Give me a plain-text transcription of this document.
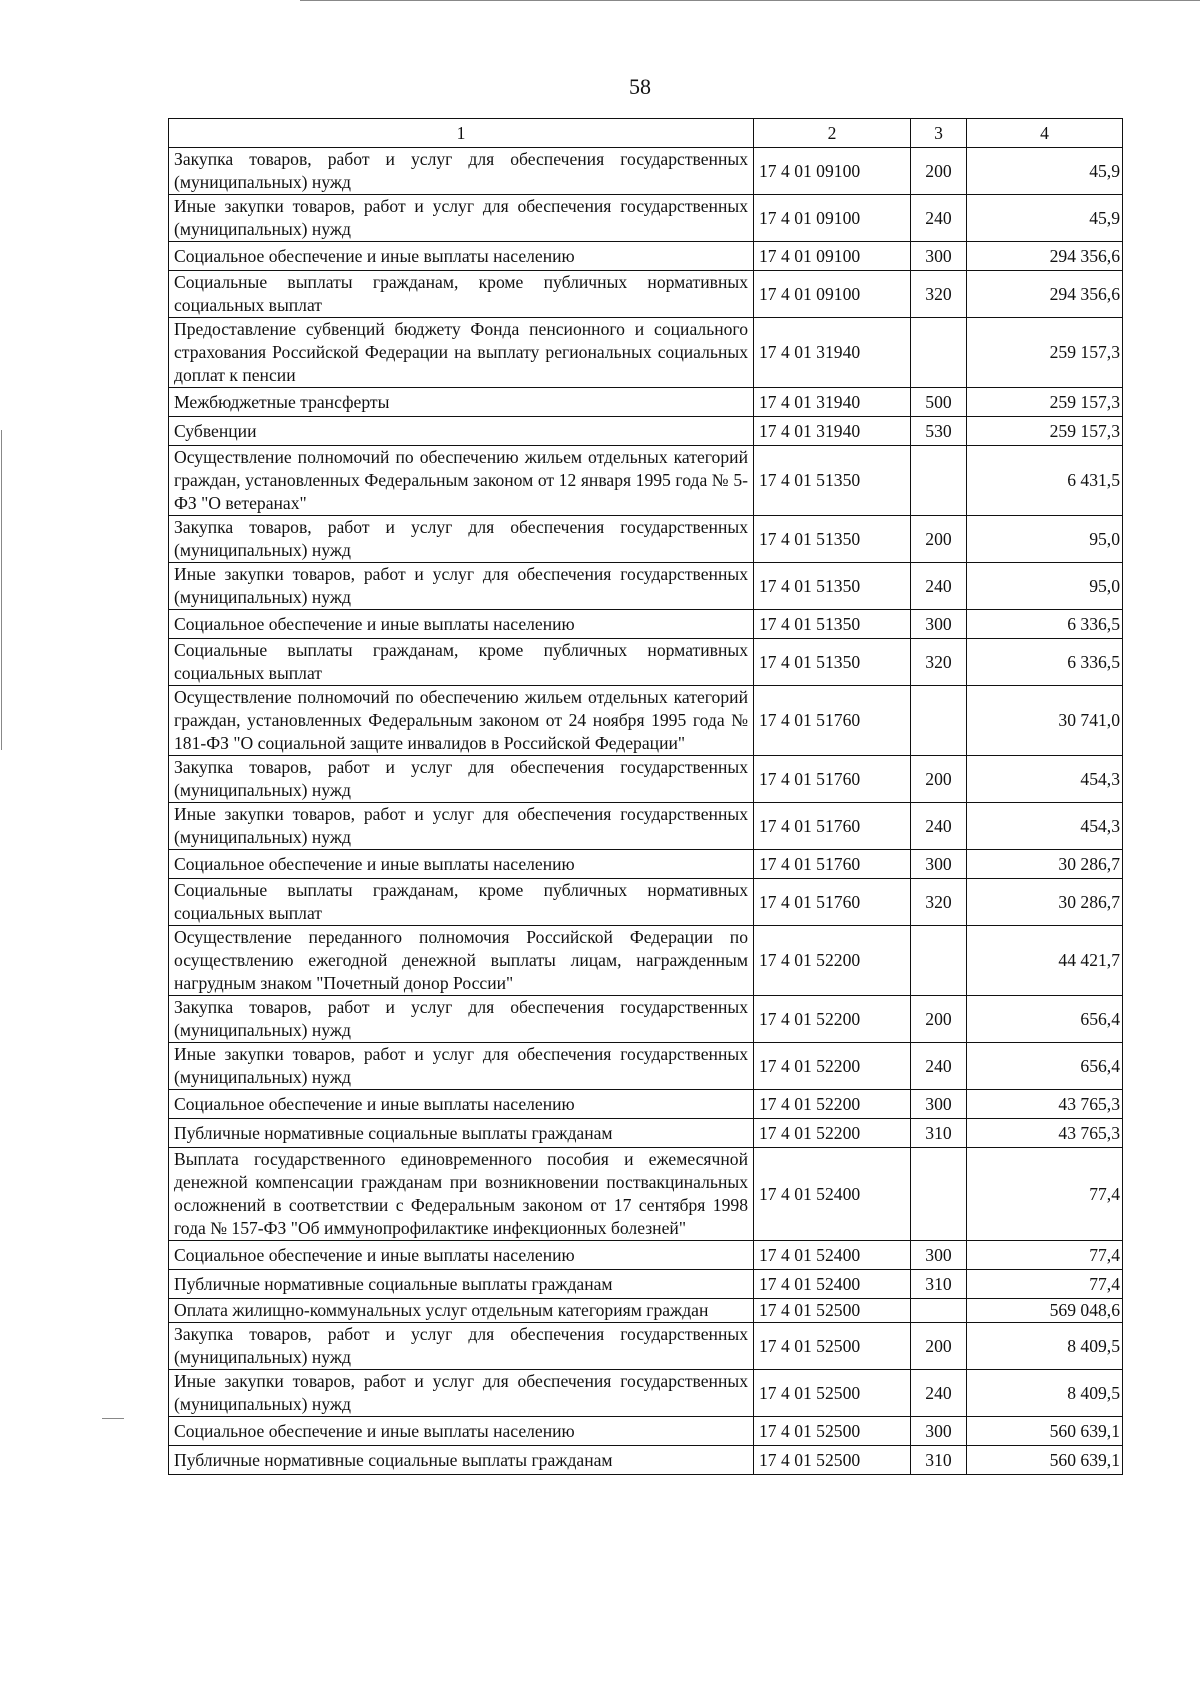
58
1	2	3	4
Закупка товаров, работ и услуг для обеспечения государственных (муниципальных) нужд	17 4 01 09100	200	45,9
Иные закупки товаров, работ и услуг для обеспечения государственных (муниципальных) нужд	17 4 01 09100	240	45,9
Социальное обеспечение и иные выплаты населению	17 4 01 09100	300	294 356,6
Социальные выплаты гражданам, кроме публичных нормативных социальных выплат	17 4 01 09100	320	294 356,6
Предоставление субвенций бюджету Фонда пенсионного и социального страхования Российской Федерации на выплату региональных социальных доплат к пенсии	17 4 01 31940		259 157,3
Межбюджетные трансферты	17 4 01 31940	500	259 157,3
Субвенции	17 4 01 31940	530	259 157,3
Осуществление полномочий по обеспечению жильем отдельных категорий граждан, установленных Федеральным законом от 12 января 1995 года № 5-ФЗ "О ветеранах"	17 4 01 51350		6 431,5
Закупка товаров, работ и услуг для обеспечения государственных (муниципальных) нужд	17 4 01 51350	200	95,0
Иные закупки товаров, работ и услуг для обеспечения государственных (муниципальных) нужд	17 4 01 51350	240	95,0
Социальное обеспечение и иные выплаты населению	17 4 01 51350	300	6 336,5
Социальные выплаты гражданам, кроме публичных нормативных социальных выплат	17 4 01 51350	320	6 336,5
Осуществление полномочий по обеспечению жильем отдельных категорий граждан, установленных Федеральным законом от 24 ноября 1995 года № 181-ФЗ "О социальной защите инвалидов в Российской Федерации"	17 4 01 51760		30 741,0
Закупка товаров, работ и услуг для обеспечения государственных (муниципальных) нужд	17 4 01 51760	200	454,3
Иные закупки товаров, работ и услуг для обеспечения государственных (муниципальных) нужд	17 4 01 51760	240	454,3
Социальное обеспечение и иные выплаты населению	17 4 01 51760	300	30 286,7
Социальные выплаты гражданам, кроме публичных нормативных социальных выплат	17 4 01 51760	320	30 286,7
Осуществление переданного полномочия Российской Федерации по осуществлению ежегодной денежной выплаты лицам, награжденным нагрудным знаком "Почетный донор России"	17 4 01 52200		44 421,7
Закупка товаров, работ и услуг для обеспечения государственных (муниципальных) нужд	17 4 01 52200	200	656,4
Иные закупки товаров, работ и услуг для обеспечения государственных (муниципальных) нужд	17 4 01 52200	240	656,4
Социальное обеспечение и иные выплаты населению	17 4 01 52200	300	43 765,3
Публичные нормативные социальные выплаты гражданам	17 4 01 52200	310	43 765,3
Выплата государственного единовременного пособия и ежемесячной денежной компенсации гражданам при возникновении поствакцинальных осложнений в соответствии с Федеральным законом от 17 сентября 1998 года № 157-ФЗ "Об иммунопрофилактике инфекционных болезней"	17 4 01 52400		77,4
Социальное обеспечение и иные выплаты населению	17 4 01 52400	300	77,4
Публичные нормативные социальные выплаты гражданам	17 4 01 52400	310	77,4
Оплата жилищно-коммунальных услуг отдельным категориям граждан	17 4 01 52500		569 048,6
Закупка товаров, работ и услуг для обеспечения государственных (муниципальных) нужд	17 4 01 52500	200	8 409,5
Иные закупки товаров, работ и услуг для обеспечения государственных (муниципальных) нужд	17 4 01 52500	240	8 409,5
Социальное обеспечение и иные выплаты населению	17 4 01 52500	300	560 639,1
Публичные нормативные социальные выплаты гражданам	17 4 01 52500	310	560 639,1
